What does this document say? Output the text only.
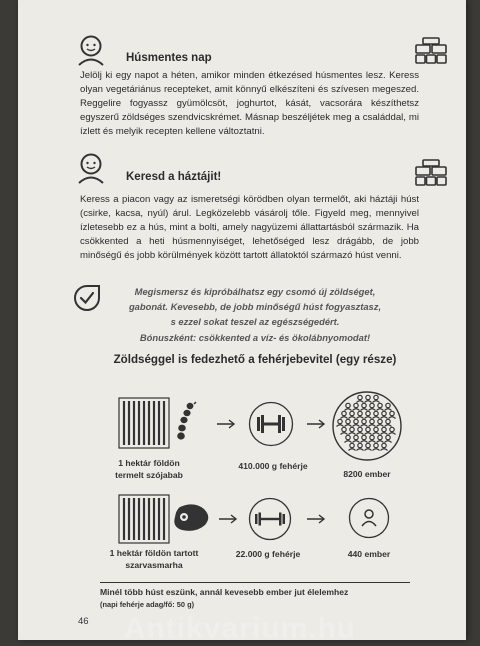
Húsmentes nap
Jelölj ki egy napot a héten, amikor minden étkezésed húsmentes lesz. Keress olyan vegetáriánus recepteket, amit könnyű elkészíteni és szívesen megeszed. Reggelire fogyassz gyümölcsöt, joghurtot, kását, vacsorára készíthetsz egyszerű zöldséges szendvicskrémet. Másnap beszéljétek meg a családdal, mi ízlett és melyik recepten kellene változtatni.
Keresd a háztájit!
Keress a piacon vagy az ismeretségi körödben olyan termelőt, aki háztáji húst (csirke, kacsa, nyúl) árul. Legközelebb vásárolj tőle. Figyeld meg, mennyivel ízletesebb ez a hús, mint a bolti, amely nagyüzemi állattartásból származik. Ha csökkented a heti húsmennyiséget, lehetőséged lesz drágább, de jobb minőségű és jobb körülmények között tartott állatoktól származó húst venni.
Megismersz és kipróbálhatsz egy csomó új zöldséget,
gabonát. Kevesebb, de jobb minőségű húst fogyasztasz,
s ezzel sokat teszel az egészségedért.
Bónuszként: csökkented a víz- és ökolábnyomodat!
Zöldséggel is fedezhető a fehérjebevitel (egy része)
1 hektár földön
termelt szójabab
410.000 g fehérje
8200 ember
1 hektár földön tartott
szarvasmarha
22.000 g fehérje	440 ember
Minél több húst eszünk, annál kevesebb ember jut élelemhez
(napi fehérje adag/fő: 50 g)
46	Antikvarium.hu
